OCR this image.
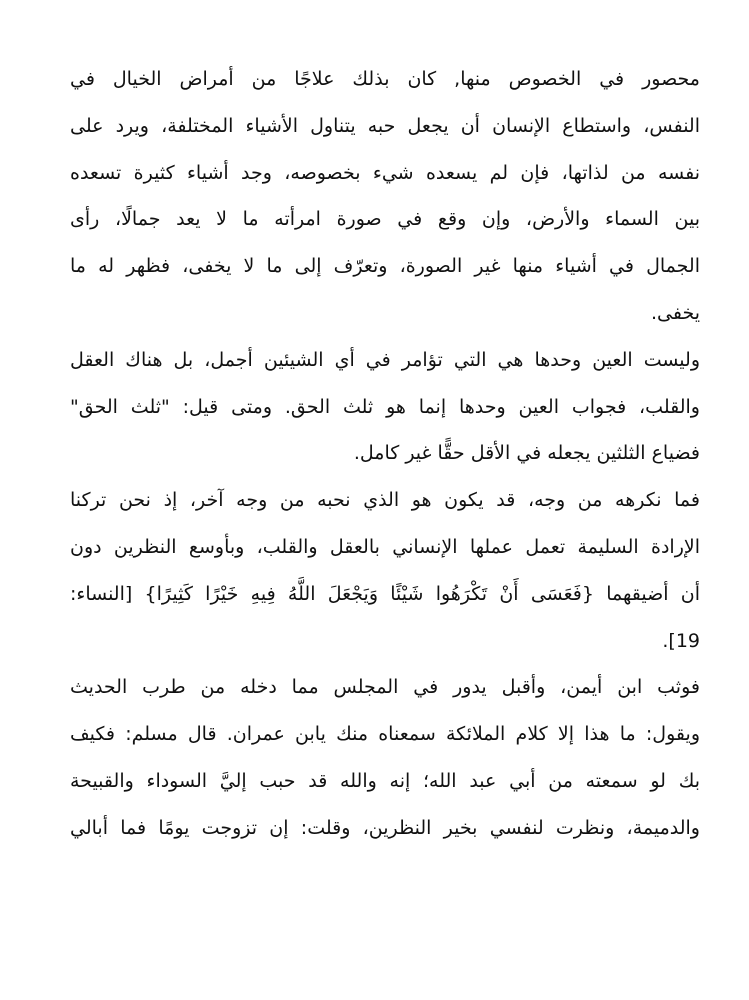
محصور في الخصوص منها, كان بذلك علاجًا من أمراض الخيال في
النفس، واستطاع الإنسان أن يجعل حبه يتناول الأشياء المختلفة، ويرد على
نفسه من لذاتها، فإن لم يسعده شيء بخصوصه، وجد أشياء كثيرة تسعده
بين السماء والأرض، وإن وقع في صورة امرأته ما لا يعد جمالًا، رأى
الجمال في أشياء منها غير الصورة، وتعرّف إلى ما لا يخفى، فظهر له ما
يخفى.

وليست العين وحدها هي التي تؤامر في أي الشيئين أجمل، بل هناك العقل
والقلب، فجواب العين وحدها إنما هو ثلث الحق. ومتى قيل: "ثلث الحق"
فضياع الثلثين يجعله في الأقل حقًّا غير كامل.

فما نكرهه من وجه، قد يكون هو الذي نحبه من وجه آخر، إذ نحن تركنا
الإرادة السليمة تعمل عملها الإنساني بالعقل والقلب، وبأوسع النظرين دون
أن أضيقهما {فَعَسَى أَنْ تَكْرَهُوا شَيْئًا وَيَجْعَلَ اللَّهُ فِيهِ خَيْرًا كَثِيرًا} [النساء:
19].

فوثب ابن أيمن، وأقبل يدور في المجلس مما دخله من طرب الحديث
ويقول: ما هذا إلا كلام الملائكة سمعناه منك يابن عمران. قال مسلم: فكيف
بك لو سمعته من أبي عبد الله؛ إنه والله قد حبب إليَّ السوداء والقبيحة
والدميمة، ونظرت لنفسي بخير النظرين، وقلت: إن تزوجت يومًا فما أبالي
